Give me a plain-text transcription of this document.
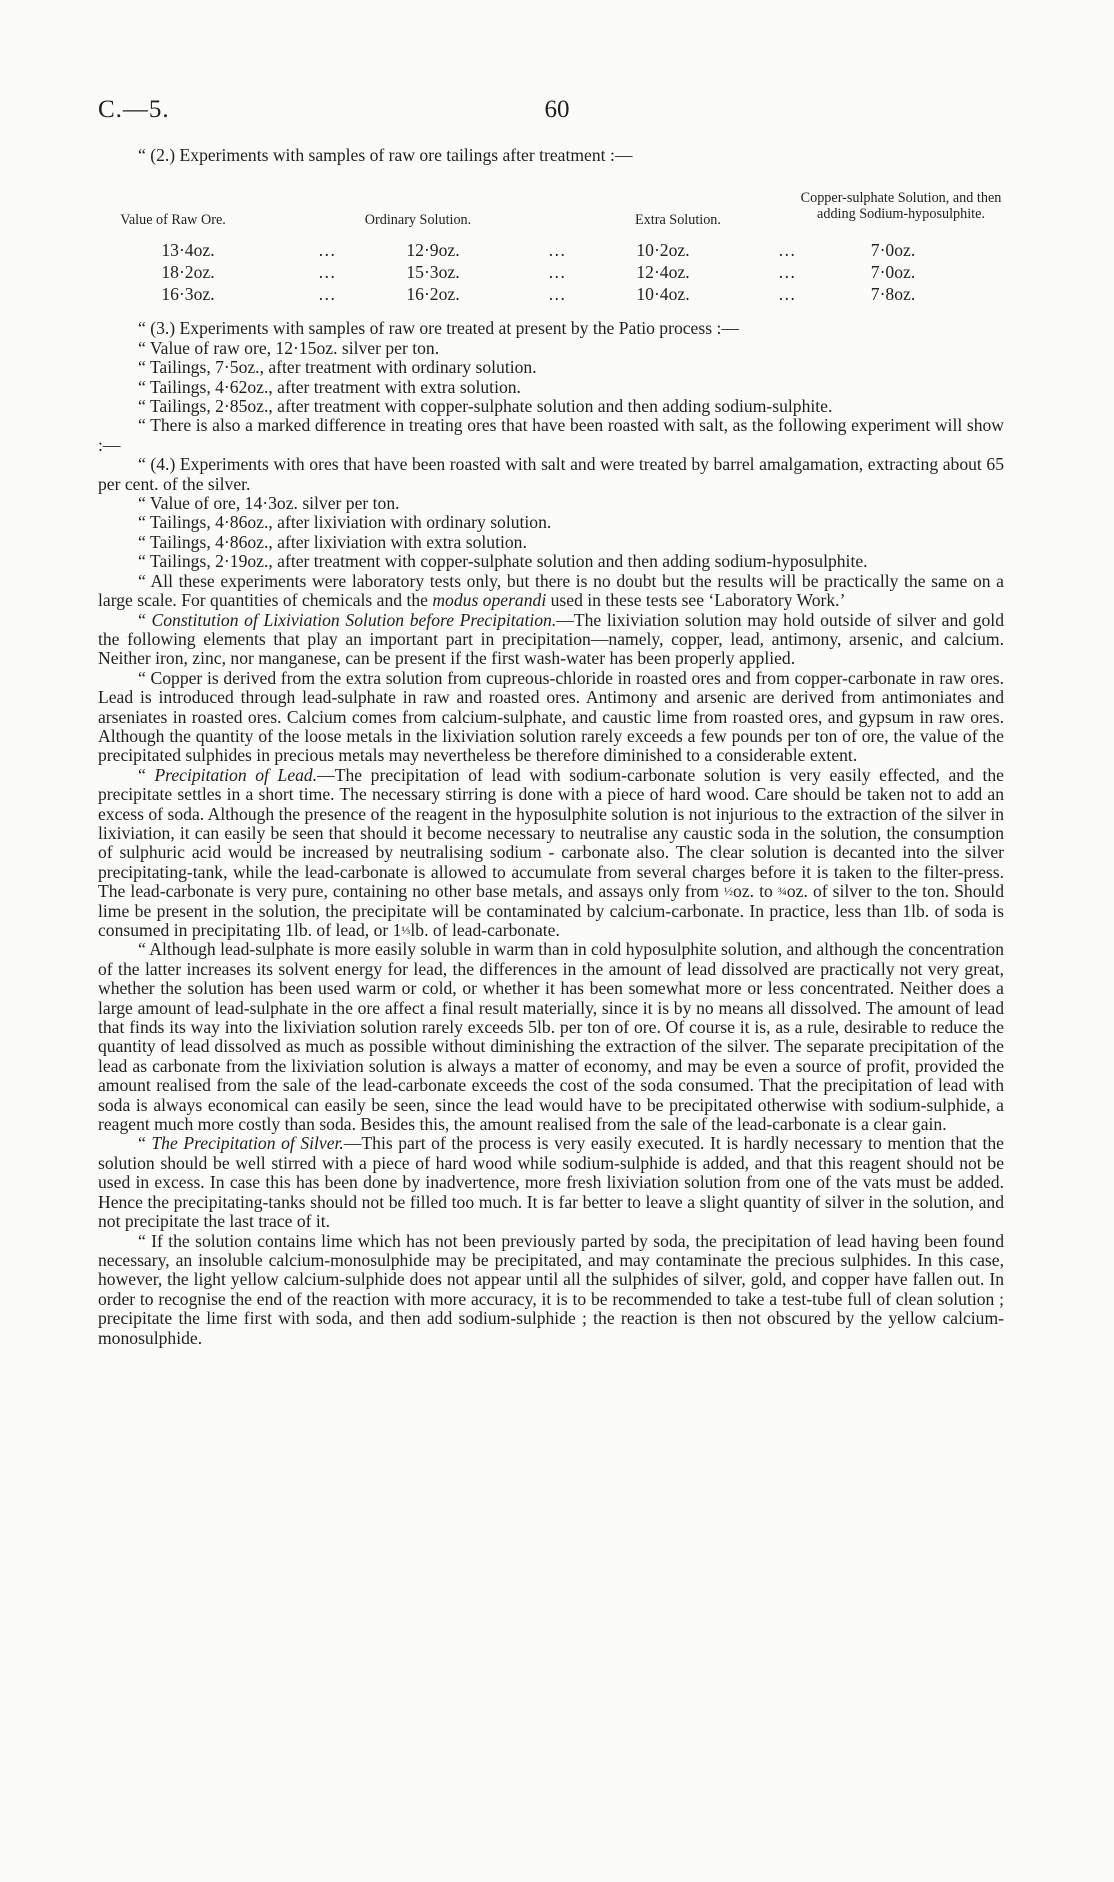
C.—5.	60

“ (2.) Experiments with samples of raw ore tailings after treatment :—

Value of Raw Ore.	Ordinary Solution.	Extra Solution.
Copper-sulphate Solution, and then adding Sodium-hyposulphite.
13·4oz.	…	12·9oz.	…	10·2oz.	…	7·0oz.
18·2oz.	…	15·3oz.	…	12·4oz.	…	7·0oz.
16·3oz.	…	16·2oz.	…	10·4oz.	…	7·8oz.

“ (3.) Experiments with samples of raw ore treated at present by the Patio process :—

“ Value of raw ore, 12·15oz. silver per ton.

“ Tailings, 7·5oz., after treatment with ordinary solution.

“ Tailings, 4·62oz., after treatment with extra solution.

“ Tailings, 2·85oz., after treatment with copper-sulphate solution and then adding sodium-sulphite.

“ There is also a marked difference in treating ores that have been roasted with salt, as the following experiment will show :—

“ (4.) Experiments with ores that have been roasted with salt and were treated by barrel amalgamation, extracting about 65 per cent. of the silver.

“ Value of ore, 14·3oz. silver per ton.

“ Tailings, 4·86oz., after lixiviation with ordinary solution.

“ Tailings, 4·86oz., after lixiviation with extra solution.

“ Tailings, 2·19oz., after treatment with copper-sulphate solution and then adding sodium-hyposulphite.

“ All these experiments were laboratory tests only, but there is no doubt but the results will be practically the same on a large scale. For quantities of chemicals and the modus operandi used in these tests see ‘Laboratory Work.’

“ Constitution of Lixiviation Solution before Precipitation.—The lixiviation solution may hold outside of silver and gold the following elements that play an important part in precipitation—namely, copper, lead, antimony, arsenic, and calcium. Neither iron, zinc, nor manganese, can be present if the first wash-water has been properly applied.

“ Copper is derived from the extra solution from cupreous-chloride in roasted ores and from copper-carbonate in raw ores. Lead is introduced through lead-sulphate in raw and roasted ores. Antimony and arsenic are derived from antimoniates and arseniates in roasted ores. Calcium comes from calcium-sulphate, and caustic lime from roasted ores, and gypsum in raw ores. Although the quantity of the loose metals in the lixiviation solution rarely exceeds a few pounds per ton of ore, the value of the precipitated sulphides in precious metals may nevertheless be therefore diminished to a considerable extent.

“ Precipitation of Lead.—The precipitation of lead with sodium-carbonate solution is very easily effected, and the precipitate settles in a short time. The necessary stirring is done with a piece of hard wood. Care should be taken not to add an excess of soda. Although the presence of the reagent in the hyposulphite solution is not injurious to the extraction of the silver in lixiviation, it can easily be seen that should it become necessary to neutralise any caustic soda in the solution, the consumption of sulphuric acid would be increased by neutralising sodium - carbonate also. The clear solution is decanted into the silver precipitating-tank, while the lead-carbonate is allowed to accumulate from several charges before it is taken to the filter-press. The lead-carbonate is very pure, containing no other base metals, and assays only from ½oz. to ¾oz. of silver to the ton. Should lime be present in the solution, the precipitate will be contaminated by calcium-carbonate. In practice, less than 1lb. of soda is consumed in precipitating 1lb. of lead, or 1⅓lb. of lead-carbonate.

“ Although lead-sulphate is more easily soluble in warm than in cold hyposulphite solution, and although the concentration of the latter increases its solvent energy for lead, the differences in the amount of lead dissolved are practically not very great, whether the solution has been used warm or cold, or whether it has been somewhat more or less concentrated. Neither does a large amount of lead-sulphate in the ore affect a final result materially, since it is by no means all dissolved. The amount of lead that finds its way into the lixiviation solution rarely exceeds 5lb. per ton of ore. Of course it is, as a rule, desirable to reduce the quantity of lead dissolved as much as possible without diminishing the extraction of the silver. The separate precipitation of the lead as carbonate from the lixiviation solution is always a matter of economy, and may be even a source of profit, provided the amount realised from the sale of the lead-carbonate exceeds the cost of the soda consumed. That the precipitation of lead with soda is always economical can easily be seen, since the lead would have to be precipitated otherwise with sodium-sulphide, a reagent much more costly than soda. Besides this, the amount realised from the sale of the lead-carbonate is a clear gain.

“ The Precipitation of Silver.—This part of the process is very easily executed. It is hardly necessary to mention that the solution should be well stirred with a piece of hard wood while sodium-sulphide is added, and that this reagent should not be used in excess. In case this has been done by inadvertence, more fresh lixiviation solution from one of the vats must be added. Hence the precipitating-tanks should not be filled too much. It is far better to leave a slight quantity of silver in the solution, and not precipitate the last trace of it.

“ If the solution contains lime which has not been previously parted by soda, the precipitation of lead having been found necessary, an insoluble calcium-monosulphide may be precipitated, and may contaminate the precious sulphides. In this case, however, the light yellow calcium-sulphide does not appear until all the sulphides of silver, gold, and copper have fallen out. In order to recognise the end of the reaction with more accuracy, it is to be recommended to take a test-tube full of clean solution ; precipitate the lime first with soda, and then add sodium-sulphide ; the reaction is then not obscured by the yellow calcium-monosulphide.
